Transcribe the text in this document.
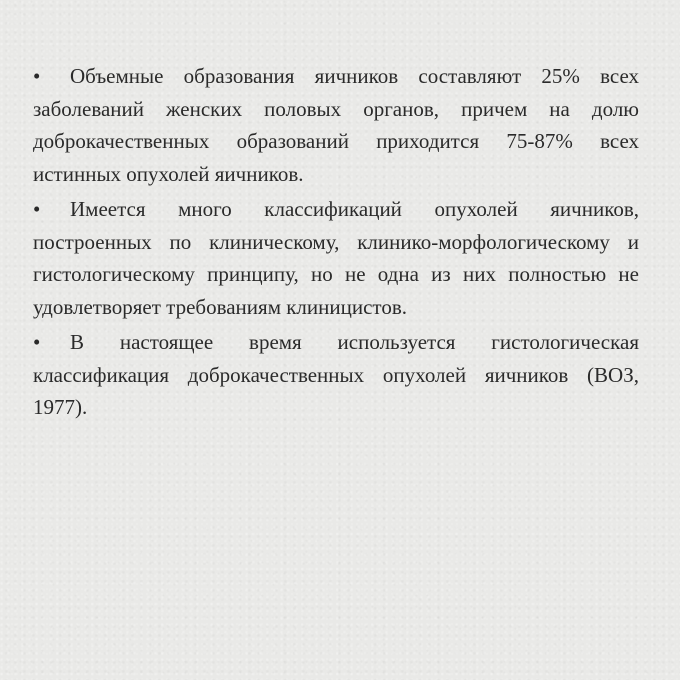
• Объемные образования яичников составляют 25% всех заболеваний женских половых органов, причем на долю доброкачественных образований приходится 75-87% всех истинных опухолей яичников.

• Имеется много классификаций опухолей яичников, построенных по клиническому, клинико-морфологическому и гистологическому принципу, но не одна из них полностью не удовлетворяет требованиям клиницистов.

• В настоящее время используется гистологическая классификация доброкачественных опухолей яичников (ВОЗ, 1977).
